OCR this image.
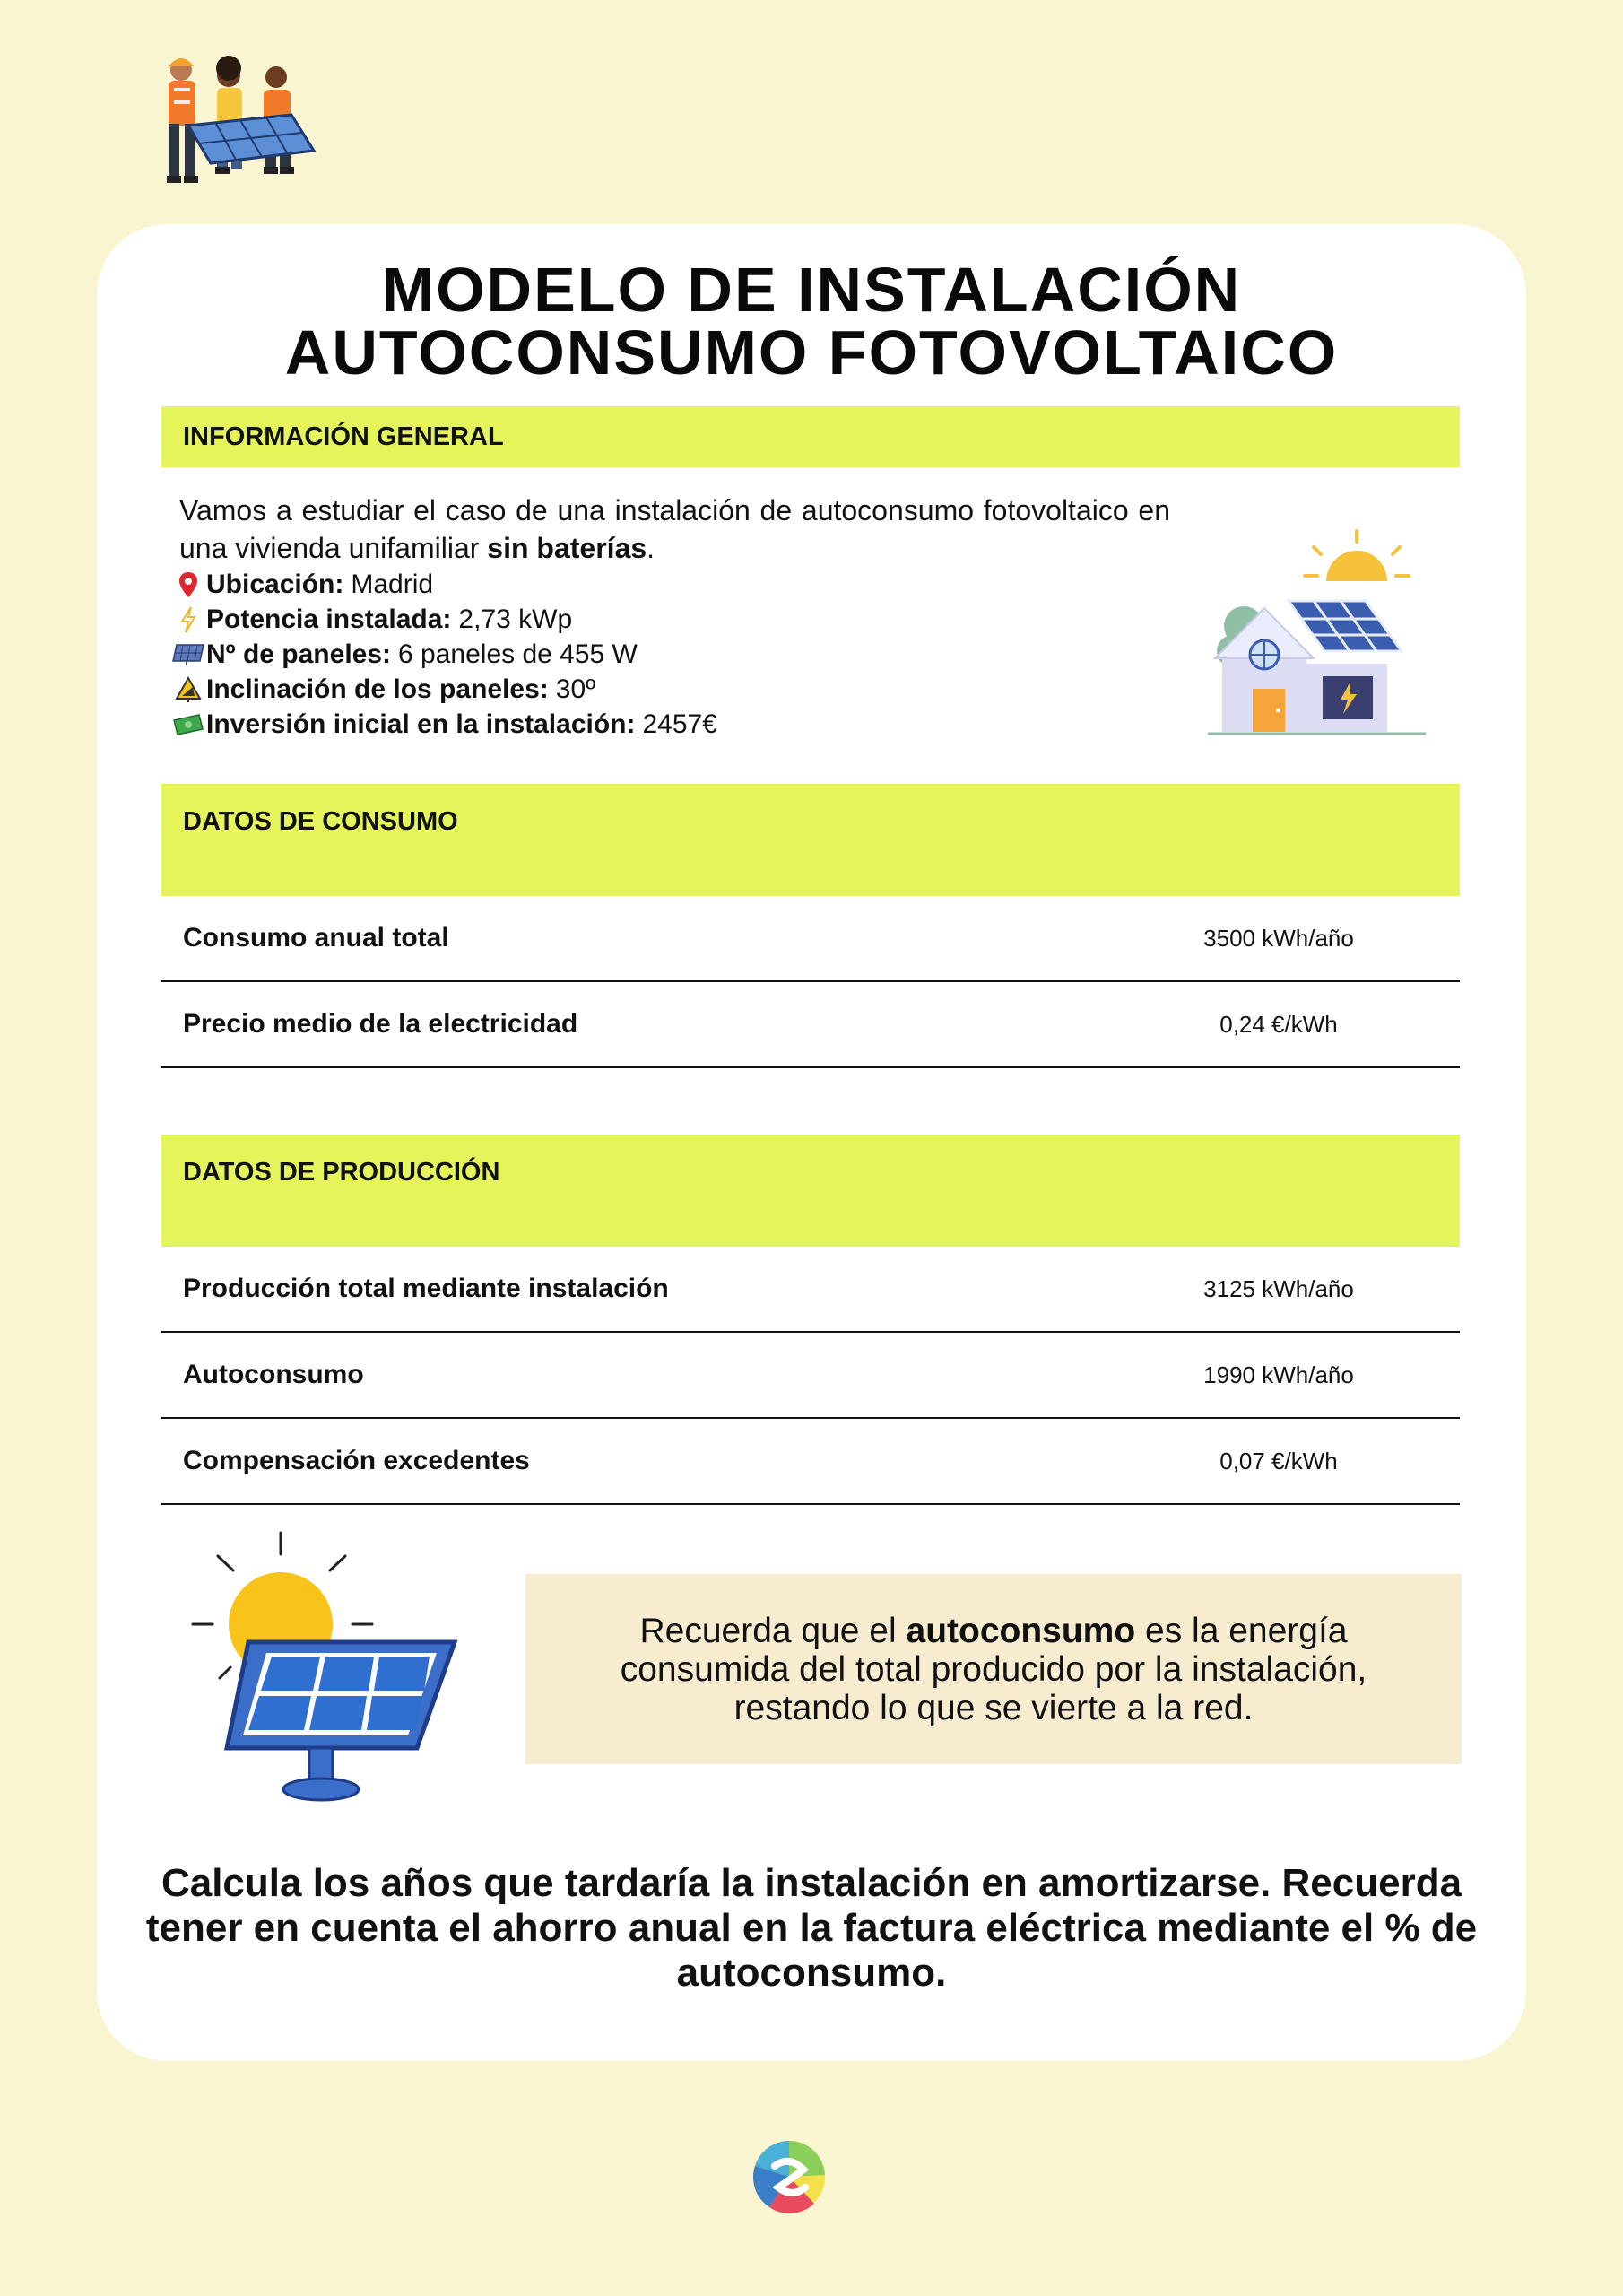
MODELO DE INSTALACIÓN
AUTOCONSUMO FOTOVOLTAICO
INFORMACIÓN GENERAL
Vamos a estudiar el caso de una instalación de autoconsumo fotovoltaico en una vivienda unifamiliar sin baterías.
Ubicación: Madrid
Potencia instalada: 2,73 kWp
Nº de paneles: 6 paneles de 455 W
Inclinación de los paneles: 30º
Inversión inicial en la instalación: 2457€
DATOS DE CONSUMO
Consumo anual total	3500 kWh/año
Precio medio de la electricidad	0,24 €/kWh
DATOS DE PRODUCCIÓN
Producción total mediante instalación	3125 kWh/año
Autoconsumo	1990 kWh/año
Compensación excedentes	0,07 €/kWh
Recuerda que el autoconsumo es la energía consumida del total producido por la instalación, restando lo que se vierte a la red.
Calcula los años que tardaría la instalación en amortizarse. Recuerda tener en cuenta el ahorro anual en la factura eléctrica mediante el % de autoconsumo.
